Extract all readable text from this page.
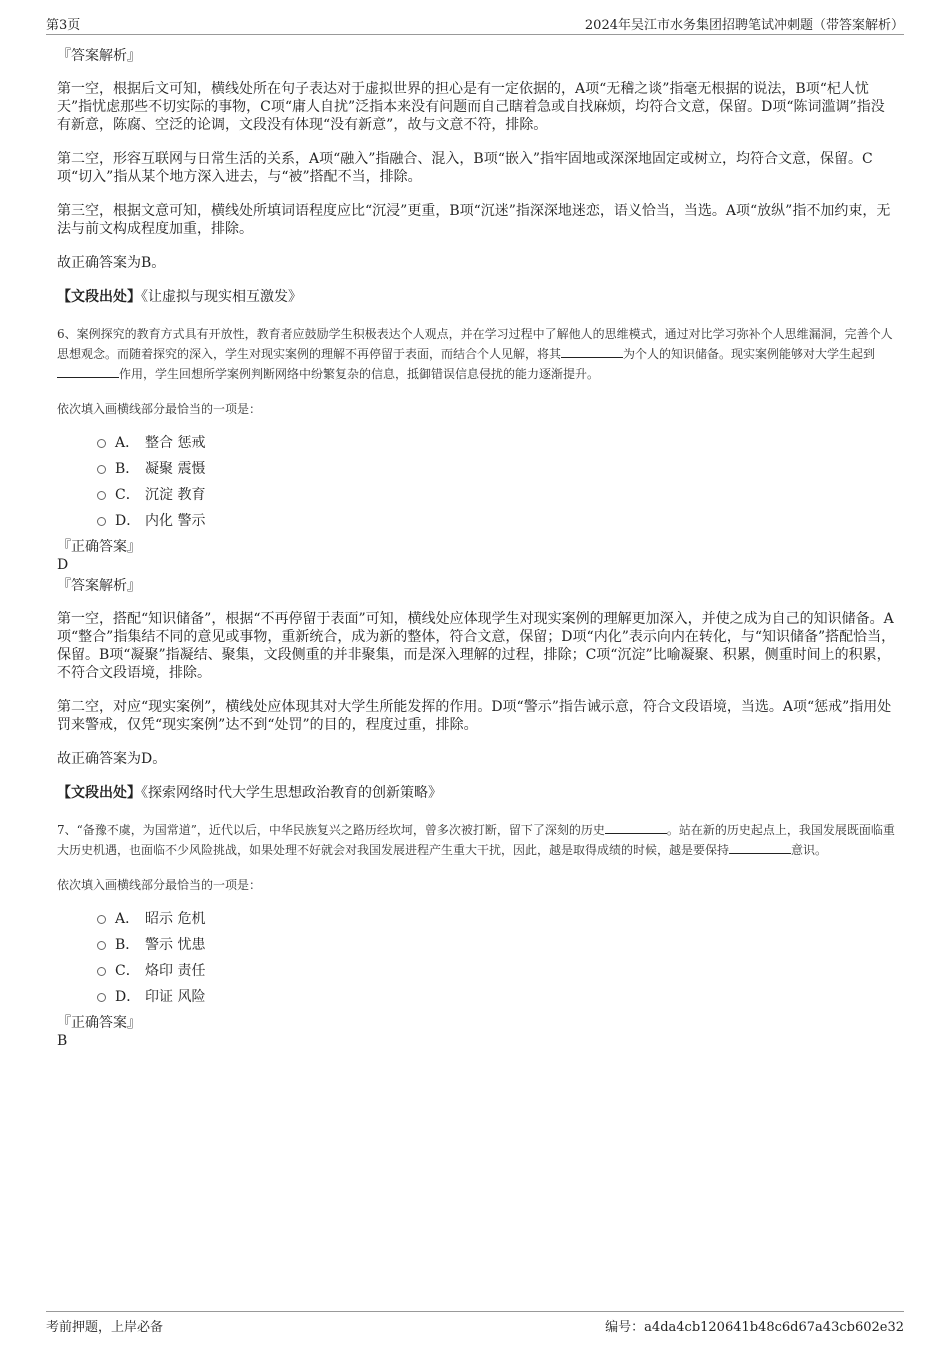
第3页	2024年吴江市水务集团招聘笔试冲刺题（带答案解析）

『答案解析』

第一空，根据后文可知，横线处所在句子表达对于虚拟世界的担心是有一定依据的，A项“无稽之谈”指毫无根据的说法，B项“杞人忧天”指忧虑那些不切实际的事物，C项“庸人自扰”泛指本来没有问题而自己瞎着急或自找麻烦，均符合文意，保留。D项“陈词滥调”指没有新意，陈腐、空泛的论调，文段没有体现“没有新意”，故与文意不符，排除。

第二空，形容互联网与日常生活的关系，A项“融入”指融合、混入，B项“嵌入”指牢固地或深深地固定或树立，均符合文意，保留。C项“切入”指从某个地方深入进去，与“被”搭配不当，排除。

第三空，根据文意可知，横线处所填词语程度应比“沉浸”更重，B项“沉迷”指深深地迷恋，语义恰当，当选。A项“放纵”指不加约束，无法与前文构成程度加重，排除。

故正确答案为B。

【文段出处】《让虚拟与现实相互激发》

6、案例探究的教育方式具有开放性，教育者应鼓励学生积极表达个人观点，并在学习过程中了解他人的思维模式，通过对比学习弥补个人思维漏洞，完善个人思想观念。而随着探究的深入，学生对现实案例的理解不再停留于表面，而结合个人见解，将其	为个人的知识储备。现实案例能够对大学生起到作用，学生回想所学案例判断网络中纷繁复杂的信息，抵御错误信息侵扰的能力逐渐提升。

依次填入画横线部分最恰当的一项是：

A． 整合 惩戒
B． 凝聚 震慑
C． 沉淀 教育
D． 内化 警示

『正确答案』

D

『答案解析』

第一空，搭配“知识储备”，根据“不再停留于表面”可知，横线处应体现学生对现实案例的理解更加深入，并使之成为自己的知识储备。A项“整合”指集结不同的意见或事物，重新统合，成为新的整体，符合文意，保留；D项“内化”表示向内在转化，与“知识储备”搭配恰当，保留。B项“凝聚”指凝结、聚集，文段侧重的并非聚集，而是深入理解的过程，排除；C项“沉淀”比喻凝聚、积累，侧重时间上的积累，不符合文段语境，排除。

第二空，对应“现实案例”，横线处应体现其对大学生所能发挥的作用。D项“警示”指告诫示意，符合文段语境，当选。A项“惩戒”指用处罚来警戒，仅凭“现实案例”达不到“处罚”的目的，程度过重，排除。

故正确答案为D。

【文段出处】《探索网络时代大学生思想政治教育的创新策略》

7、“备豫不虞，为国常道”，近代以后，中华民族复兴之路历经坎坷，曾多次被打断，留下了深刻的历史	。站在新的历史起点上，我国发展既面临重大历史机遇，也面临不少风险挑战，如果处理不好就会对我国发展进程产生重大干扰，因此，越是取得成绩的时候，越是要保持	意识。

依次填入画横线部分最恰当的一项是：

A． 昭示 危机
B． 警示 忧患
C． 烙印 责任
D． 印证 风险

『正确答案』

B

考前押题，上岸必备	编号：a4da4cb120641b48c6d67a43cb602e32
